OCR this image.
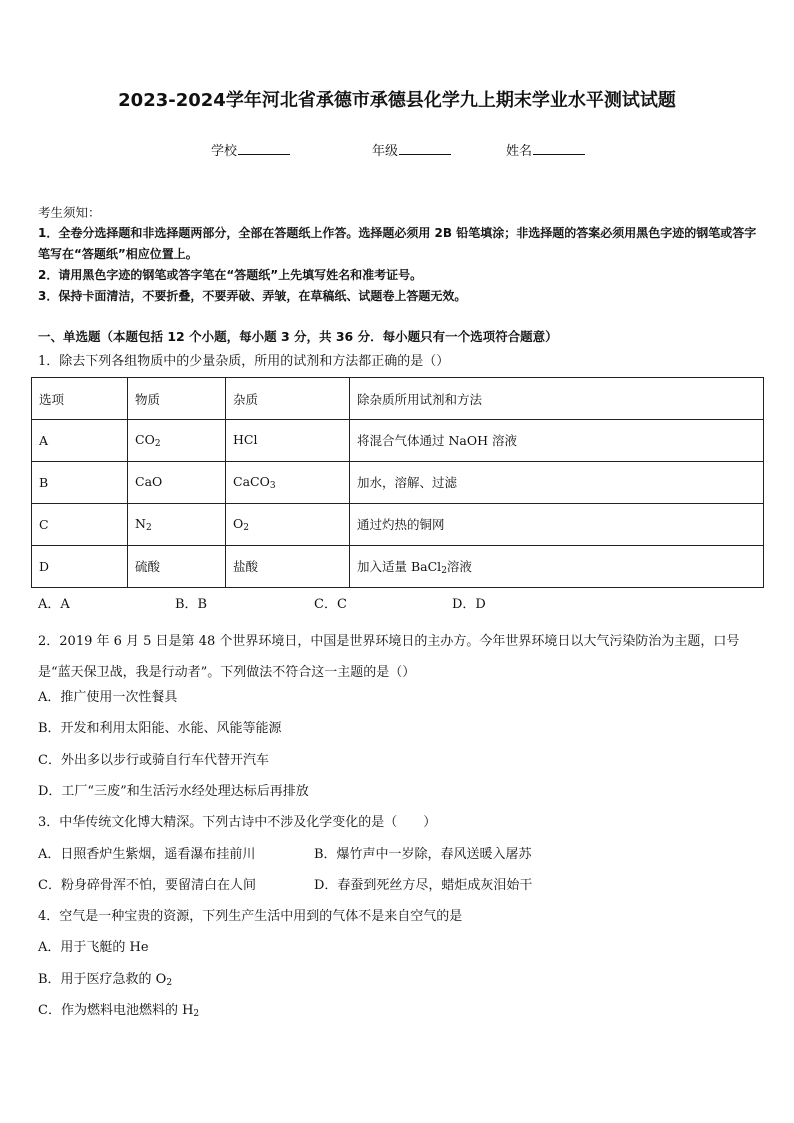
2023-2024学年河北省承德市承德县化学九上期末学业水平测试试题
学校	年级	姓名
考生须知：
1．全卷分选择题和非选择题两部分，全部在答题纸上作答。选择题必须用 2B 铅笔填涂；非选择题的答案必须用黑色字迹的钢笔或答字笔写在“答题纸”相应位置上。
2．请用黑色字迹的钢笔或答字笔在“答题纸”上先填写姓名和准考证号。
3．保持卡面清洁，不要折叠，不要弄破、弄皱，在草稿纸、试题卷上答题无效。
一、单选题（本题包括 12 个小题，每小题 3 分，共 36 分．每小题只有一个选项符合题意）
1．除去下列各组物质中的少量杂质，所用的试剂和方法都正确的是（）
选项	物质	杂质	除杂质所用试剂和方法
A	$CO_2$	HCl	将混合气体通过 NaOH 溶液
B	CaO	CaCO$_3$	加水，溶解、过滤
C	$N_2$	$O_2$	通过灼热的铜网
D	硫酸	盐酸	加入适量 BaCl$_2$溶液
A．A	B．B	C．C	D．D
2．2019 年 6 月 5 日是第 48 个世界环境日，中国是世界环境日的主办方。今年世界环境日以大气污染防治为主题，口号是“蓝天保卫战，我是行动者”。下列做法不符合这一主题的是（）
A．推广使用一次性餐具
B．开发和利用太阳能、水能、风能等能源
C．外出多以步行或骑自行车代替开汽车
D．工厂“三废”和生活污水经处理达标后再排放
3．中华传统文化博大精深。下列古诗中不涉及化学变化的是（　　）
A．日照香炉生紫烟，遥看瀑布挂前川	B．爆竹声中一岁除，春风送暖入屠苏
C．粉身碎骨浑不怕，要留清白在人间	D．春蚕到死丝方尽，蜡炬成灰泪始干
4．空气是一种宝贵的资源，下列生产生活中用到的气体不是来自空气的是
A．用于飞艇的 He
B．用于医疗急救的 $O_2$
C．作为燃料电池燃料的 $H_2$
